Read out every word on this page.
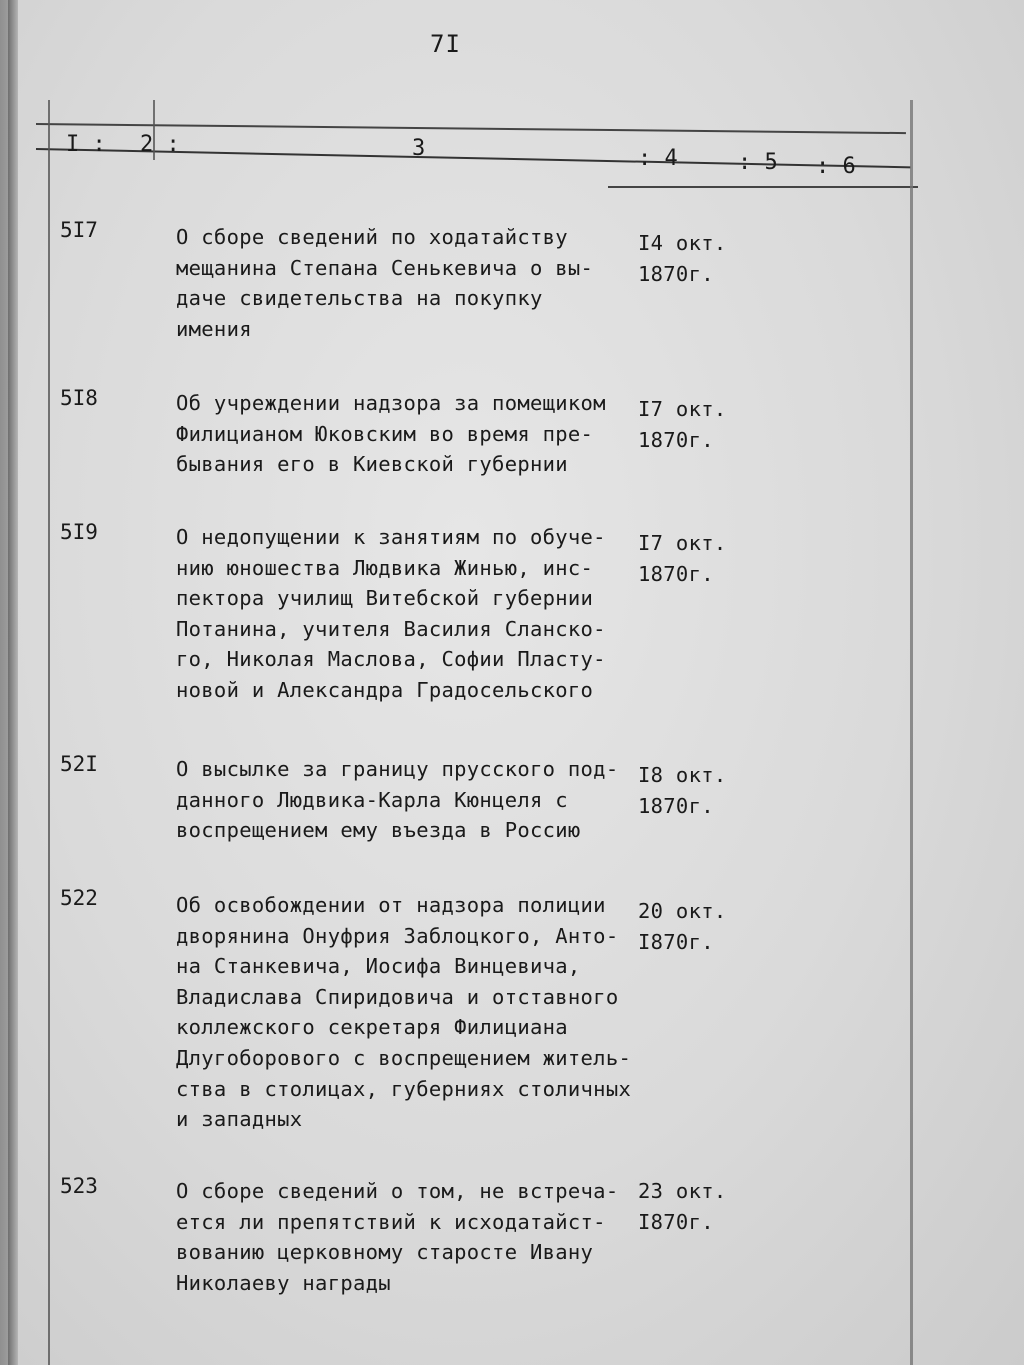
7I
I : 2 :	3	: 4	: 5 : 6
5I7	О сборе сведений по ходатайству
мещанина Степана Сенькевича о вы-
даче свидетельства на покупку
имения
I4 окт.
1870г.
5I8	Об учреждении надзора за помещиком
Филицианом Юковским во время пре-
бывания его в Киевской губернии
I7 окт.
1870г.
5I9	О недопущении к занятиям по обуче-
нию юношества Людвика Жинью, инс-
пектора училищ Витебской губернии
Потанина, учителя Василия Сланско-
го, Николая Маслова, Софии Пласту-
новой и Александра Градосельского
I7 окт.
1870г.
52I	О высылке за границу прусского под-
данного Людвика-Карла Кюнцеля с
воспрещением ему въезда в Россию
I8 окт.
1870г.
522	Об освобождении от надзора полиции
дворянина Онуфрия Заблоцкого, Анто-
на Станкевича, Иосифа Винцевича,
Владислава Спиридовича и отставного
коллежского секретаря Филициана
Длугоборового с воспрещением житель-
ства в столицах, губерниях столичных
и западных
20 окт.
I870г.
523	О сборе сведений о том, не встреча-
ется ли препятствий к исходатайст-
вованию церковному старосте Ивану
Николаеву награды
23 окт.
I870г.
